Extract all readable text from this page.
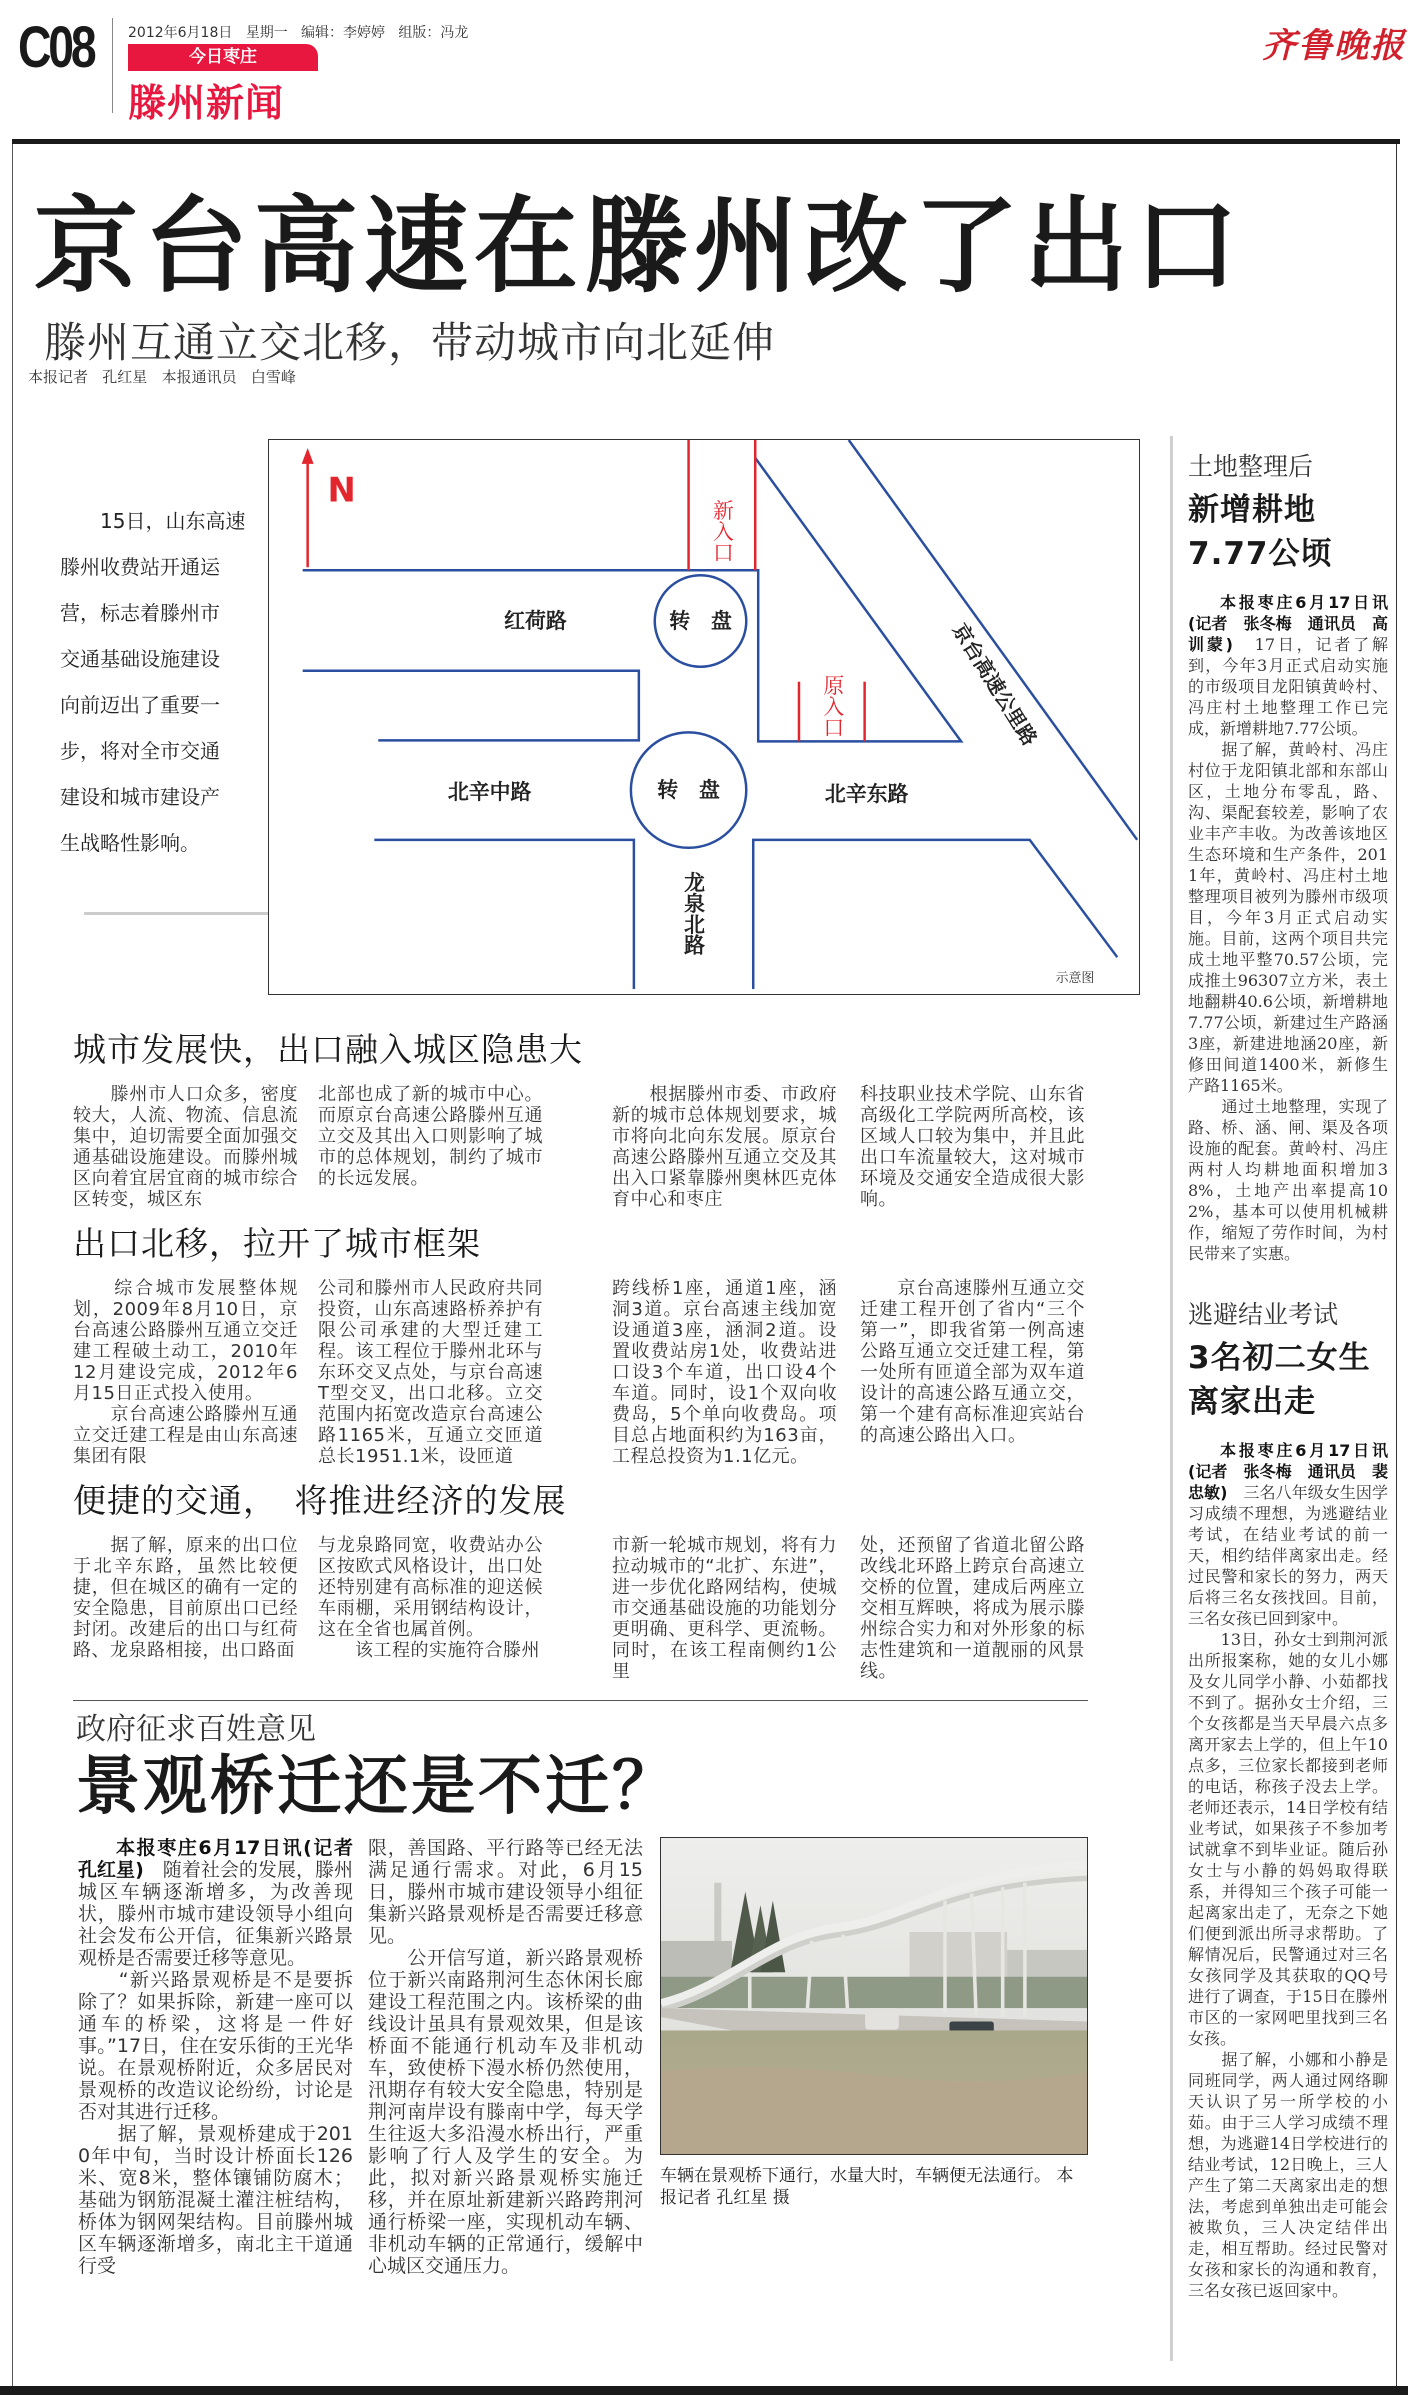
C08 2012年6月18日   星期一   编辑：李婷婷   组版：冯龙
今日枣庄
滕州新闻
齐鲁晚报
京台高速在滕州改了出口
滕州互通立交北移，带动城市向北延伸
本报记者   孔红星   本报通讯员   白雪峰
　　15日，山东高速
滕州收费站开通运
营，标志着滕州市
交通基础设施建设
向前迈出了重要一
步，将对全市交通
建设和城市建设产
生战略性影响。
N
新入口
原入口
转　盘
转　盘
红荷路
北辛中路	北辛东路
龙泉北路
京台高速公里路
示意图
城市发展快，出口融入城区隐患大

　　滕州市人口众多，密度较大，人流、物流、信息流集中，迫切需要全面加强交通基础设施建设。而滕州城区向着宜居宜商的城市综合区转变，城区东

北部也成了新的城市中心。而原京台高速公路滕州互通立交及其出入口则影响了城市的总体规划，制约了城市的长远发展。

　　根据滕州市委、市政府新的城市总体规划要求，城市将向北向东发展。原京台高速公路滕州互通立交及其出入口紧靠滕州奥林匹克体育中心和枣庄

科技职业技术学院、山东省高级化工学院两所高校，该区域人口较为集中，并且此出口车流量较大，这对城市环境及交通安全造成很大影响。

出口北移，拉开了城市框架

　　综合城市发展整体规划，2009年8月10日，京台高速公路滕州互通立交迁建工程破土动工，2010年12月建设完成，2012年6月15日正式投入使用。

　　京台高速公路滕州互通立交迁建工程是由山东高速集团有限

公司和滕州市人民政府共同投资，山东高速路桥养护有限公司承建的大型迁建工程。该工程位于滕州北环与东环交叉点处，与京台高速T型交叉，出口北移。立交范围内拓宽改造京台高速公路1165米，互通立交匝道总长1951.1米，设匝道

跨线桥1座，通道1座，涵洞3道。京台高速主线加宽设通道3座，涵洞2道。设置收费站房1处，收费站进口设3个车道，出口设4个车道。同时，设1个双向收费岛，5个单向收费岛。项目总占地面积约为163亩，工程总投资为1.1亿元。

　　京台高速滕州互通立交迁建工程开创了省内“三个第一”，即我省第一例高速公路互通立交迁建工程，第一处所有匝道全部为双车道设计的高速公路互通立交，第一个建有高标准迎宾站台的高速公路出入口。

便捷的交通，　将推进经济的发展

　　据了解，原来的出口位于北辛东路，虽然比较便捷，但在城区的确有一定的安全隐患，目前原出口已经封闭。改建后的出口与红荷路、龙泉路相接，出口路面

与龙泉路同宽，收费站办公区按欧式风格设计，出口处还特别建有高标准的迎送候车雨棚，采用钢结构设计，这在全省也属首例。

　　该工程的实施符合滕州

市新一轮城市规划，将有力拉动城市的“北扩、东进”，进一步优化路网结构，使城市交通基础设施的功能划分更明确、更科学、更流畅。同时，在该工程南侧约1公里

处，还预留了省道北留公路改线北环路上跨京台高速立交桥的位置，建成后两座立交相互辉映，将成为展示滕州综合实力和对外形象的标志性建筑和一道靓丽的风景线。

政府征求百姓意见
景观桥迁还是不迁？

本报枣庄6月17日讯(记者　孔红星)　随着社会的发展，滕州城区车辆逐渐增多，为改善现状，滕州市城市建设领导小组向社会发布公开信，征集新兴路景观桥是否需要迁移等意见。

　　“新兴路景观桥是不是要拆除了？如果拆除，新建一座可以通车的桥梁，这将是一件好事。”17日，住在安乐街的王光华说。在景观桥附近，众多居民对景观桥的改造议论纷纷，讨论是否对其进行迁移。

　　据了解，景观桥建成于2010年中旬，当时设计桥面长126米、宽8米，整体镶铺防腐木；基础为钢筋混凝土灌注桩结构，桥体为钢网架结构。目前滕州城区车辆逐渐增多，南北主干道通行受

限，善国路、平行路等已经无法满足通行需求。对此，6月15日，滕州市城市建设领导小组征集新兴路景观桥是否需要迁移意见。

　　公开信写道，新兴路景观桥位于新兴南路荆河生态休闲长廊建设工程范围之内。该桥梁的曲线设计虽具有景观效果，但是该桥面不能通行机动车及非机动车，致使桥下漫水桥仍然使用，汛期存有较大安全隐患，特别是荆河南岸设有滕南中学，每天学生往返大多沿漫水桥出行，严重影响了行人及学生的安全。为此，拟对新兴路景观桥实施迁移，并在原址新建新兴路跨荆河通行桥梁一座，实现机动车辆、非机动车辆的正常通行，缓解中心城区交通压力。

车辆在景观桥下通行，水量大时，车辆便无法通行。 本报记者 孔红星 摄
土地整理后
新增耕地
7.77公顷

本报枣庄6月17日讯(记者　张冬梅　通讯员　高训蒙)　17日，记者了解到，今年3月正式启动实施的市级项目龙阳镇黄岭村、冯庄村土地整理工作已完成，新增耕地7.77公顷。

　　据了解，黄岭村、冯庄村位于龙阳镇北部和东部山区，土地分布零乱，路、沟、渠配套较差，影响了农业丰产丰收。为改善该地区生态环境和生产条件，2011年，黄岭村、冯庄村土地整理项目被列为滕州市级项目，今年3月正式启动实施。目前，这两个项目共完成土地平整70.57公顷，完成推土96307立方米，表土地翻耕40.6公顷，新增耕地7.77公顷，新建过生产路涵3座，新建进地涵20座，新修田间道1400米，新修生产路1165米。

　　通过土地整理，实现了路、桥、涵、闸、渠及各项设施的配套。黄岭村、冯庄两村人均耕地面积增加38%，土地产出率提高102%，基本可以使用机械耕作，缩短了劳作时间，为村民带来了实惠。

逃避结业考试
3名初二女生
离家出走

本报枣庄6月17日讯(记者　张冬梅　通讯员　裴忠敏)　三名八年级女生因学习成绩不理想，为逃避结业考试，在结业考试的前一天，相约结伴离家出走。经过民警和家长的努力，两天后将三名女孩找回。目前，三名女孩已回到家中。

　　13日，孙女士到荆河派出所报案称，她的女儿小娜及女儿同学小静、小茹都找不到了。据孙女士介绍，三个女孩都是当天早晨六点多离开家去上学的，但上午10点多，三位家长都接到老师的电话，称孩子没去上学。老师还表示，14日学校有结业考试，如果孩子不参加考试就拿不到毕业证。随后孙女士与小静的妈妈取得联系，并得知三个孩子可能一起离家出走了，无奈之下她们便到派出所寻求帮助。了解情况后，民警通过对三名女孩同学及其获取的QQ号进行了调查，于15日在滕州市区的一家网吧里找到三名女孩。

　　据了解，小娜和小静是同班同学，两人通过网络聊天认识了另一所学校的小茹。由于三人学习成绩不理想，为逃避14日学校进行的结业考试，12日晚上，三人产生了第二天离家出走的想法，考虑到单独出走可能会被欺负，三人决定结伴出走，相互帮助。经过民警对女孩和家长的沟通和教育，三名女孩已返回家中。
